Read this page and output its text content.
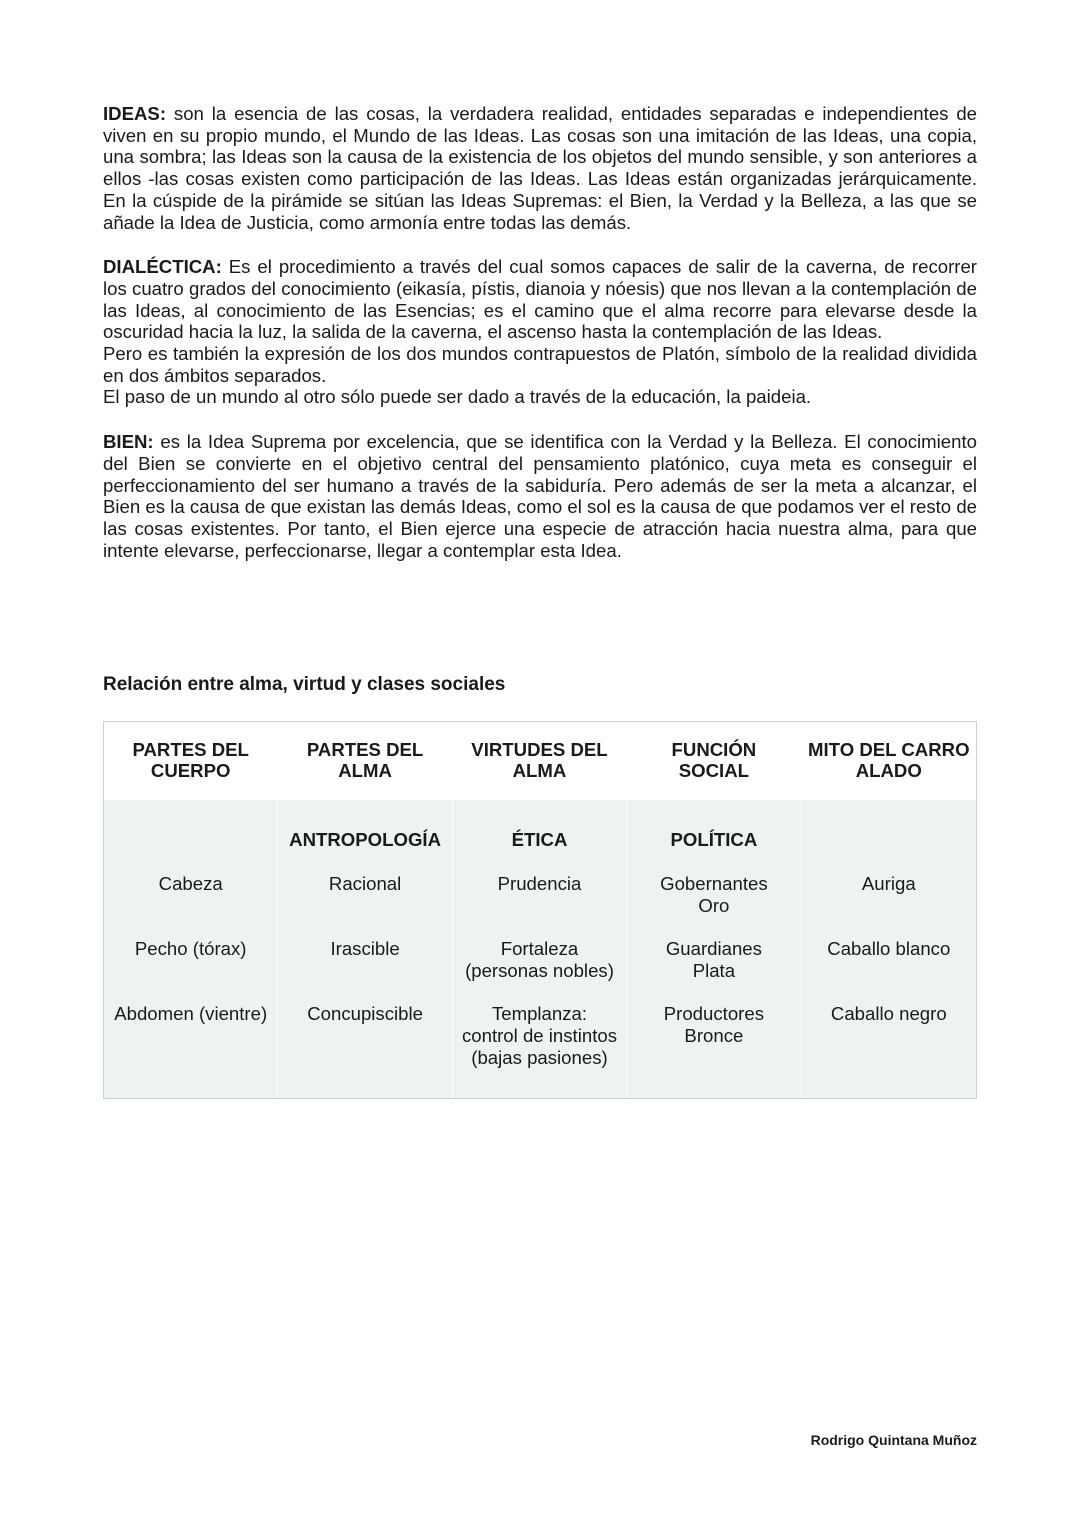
IDEAS: son la esencia de las cosas, la verdadera realidad, entidades separadas e independientes de viven en su propio mundo, el Mundo de las Ideas. Las cosas son una imitación de las Ideas, una copia, una sombra; las Ideas son la causa de la existencia de los objetos del mundo sensible, y son anteriores a ellos -las cosas existen como participación de las Ideas. Las Ideas están organizadas jerárquicamente. En la cúspide de la pirámide se sitúan las Ideas Supremas: el Bien, la Verdad y la Belleza, a las que se añade la Idea de Justicia, como armonía entre todas las demás.

DIALÉCTICA: Es el procedimiento a través del cual somos capaces de salir de la caverna, de recorrer los cuatro grados del conocimiento (eikasía, pístis, dianoia y nóesis) que nos llevan a la contemplación de las Ideas, al conocimiento de las Esencias; es el camino que el alma recorre para elevarse desde la oscuridad hacia la luz, la salida de la caverna, el ascenso hasta la contemplación de las Ideas.

Pero es también la expresión de los dos mundos contrapuestos de Platón, símbolo de la realidad dividida en dos ámbitos separados.

El paso de un mundo al otro sólo puede ser dado a través de la educación, la paideia.

BIEN: es la Idea Suprema por excelencia, que se identifica con la Verdad y la Belleza. El conocimiento del Bien se convierte en el objetivo central del pensamiento platónico, cuya meta es conseguir el perfeccionamiento del ser humano a través de la sabiduría. Pero además de ser la meta a alcanzar, el Bien es la causa de que existan las demás Ideas, como el sol es la causa de que podamos ver el resto de las cosas existentes. Por tanto, el Bien ejerce una especie de atracción hacia nuestra alma, para que intente elevarse, perfeccionarse, llegar a contemplar esta Idea.

Relación entre alma, virtud y clases sociales
PARTES DEL
CUERPO
Cabeza
Pecho (tórax)
Abdomen (vientre)
PARTES DEL
ALMA
ANTROPOLOGÍA
Racional
Irascible
Concupiscible
VIRTUDES DEL
ALMA
ÉTICA
Prudencia
Fortaleza
(personas nobles)
Templanza:
control de instintos
(bajas pasiones)
FUNCIÓN
SOCIAL
POLÍTICA
Gobernantes
Oro
Guardianes
Plata
Productores
Bronce
MITO DEL CARRO
ALADO
Auriga
Caballo blanco
Caballo negro
Rodrigo Quintana Muñoz
